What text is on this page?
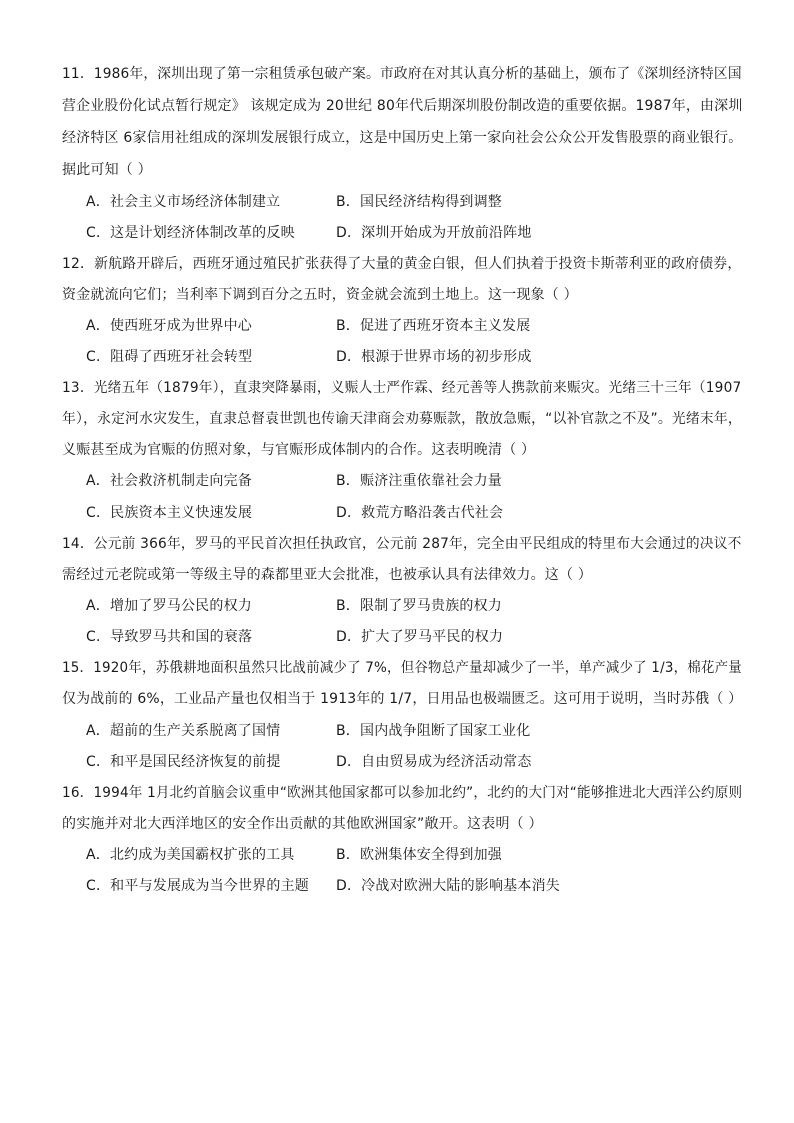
11．1986年，深圳出现了第一宗租赁承包破产案。市政府在对其认真分析的基础上，颁布了《深圳经济特区国
营企业股份化试点暂行规定》 该规定成为 20世纪 80年代后期深圳股份制改造的重要依据。1987年，由深圳
经济特区 6家信用社组成的深圳发展银行成立，这是中国历史上第一家向社会公众公开发售股票的商业银行。
据此可知（ ）
A．社会主义市场经济体制建立	B．国民经济结构得到调整
C．这是计划经济体制改革的反映	D．深圳开始成为开放前沿阵地
12．新航路开辟后，西班牙通过殖民扩张获得了大量的黄金白银，但人们执着于投资卡斯蒂利亚的政府债券，
资金就流向它们；当利率下调到百分之五时，资金就会流到土地上。这一现象（ ）
A．使西班牙成为世界中心	B．促进了西班牙资本主义发展
C．阻碍了西班牙社会转型	D．根源于世界市场的初步形成
13．光绪五年（1879年），直隶突降暴雨，义赈人士严作霖、经元善等人携款前来赈灾。光绪三十三年（1907
年），永定河水灾发生，直隶总督袁世凯也传谕天津商会劝募赈款，散放急赈，“以补官款之不及”。光绪末年，
义赈甚至成为官赈的仿照对象，与官赈形成体制内的合作。这表明晚清（ ）
A．社会救济机制走向完备	B．赈济注重依靠社会力量
C．民族资本主义快速发展	D．救荒方略沿袭古代社会
14．公元前 366年，罗马的平民首次担任执政官，公元前 287年，完全由平民组成的特里布大会通过的决议不
需经过元老院或第一等级主导的森都里亚大会批准，也被承认具有法律效力。这（ ）
A．增加了罗马公民的权力	B．限制了罗马贵族的权力
C．导致罗马共和国的衰落	D．扩大了罗马平民的权力
15．1920年，苏俄耕地面积虽然只比战前减少了 7%，但谷物总产量却减少了一半，单产减少了 1/3，棉花产量
仅为战前的 6%，工业品产量也仅相当于 1913年的 1/7，日用品也极端匮乏。这可用于说明，当时苏俄（ ）
A．超前的生产关系脱离了国情	B．国内战争阻断了国家工业化
C．和平是国民经济恢复的前提	D．自由贸易成为经济活动常态
16．1994年 1月北约首脑会议重申“欧洲其他国家都可以参加北约”，北约的大门对“能够推进北大西洋公约原则
的实施并对北大西洋地区的安全作出贡献的其他欧洲国家”敞开。这表明（ ）
A．北约成为美国霸权扩张的工具	B．欧洲集体安全得到加强
C．和平与发展成为当今世界的主题 D．冷战对欧洲大陆的影响基本消失
